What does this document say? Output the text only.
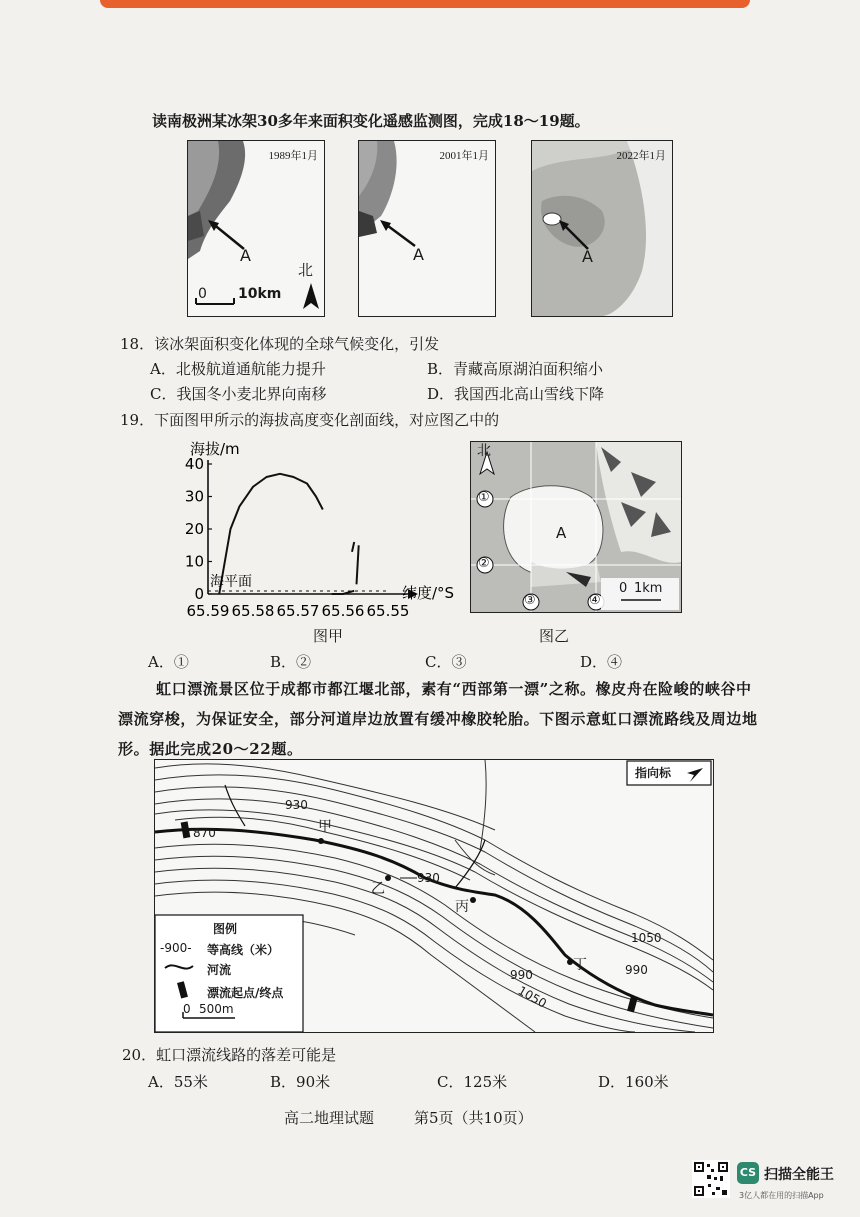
读南极洲某冰架30多年来面积变化遥感监测图，完成18～19题。
1989年1月
A
0 10km
北
2001年1月
A
2022年1月
A
18．该冰架面积变化体现的全球气候变化，引发
A．北极航道通航能力提升	B．青藏高原湖泊面积缩小
C．我国冬小麦北界向南移	D．我国西北高山雪线下降
19．下面图甲所示的海拔高度变化剖面线，对应图乙中的
海拔/m
40
30
20
10
0
65.59 65.58 65.57 65.56 65.55
海平面
纬度/°S
图甲
北
A
①
②
③	④
0 1km
图乙
A．①	B．②	C．③	D．④
虹口漂流景区位于成都市都江堰北部，素有“西部第一漂”之称。橡皮舟在险峻的峡谷中漂流穿梭，为保证安全，部分河道岸边放置有缓冲橡胶轮胎。下图示意虹口漂流路线及周边地形。据此完成20～22题。
930
870
930
1050
990	990
1050
甲
乙
丙
丁
指向标
图例
-900- 等高线（米）
河流
漂流起点/终点
0 500m
20．虹口漂流线路的落差可能是
A．55米	B．90米	C．125米	D．160米
高二地理试题	第5页（共10页）
CS 扫描全能王
3亿人都在用的扫描App
